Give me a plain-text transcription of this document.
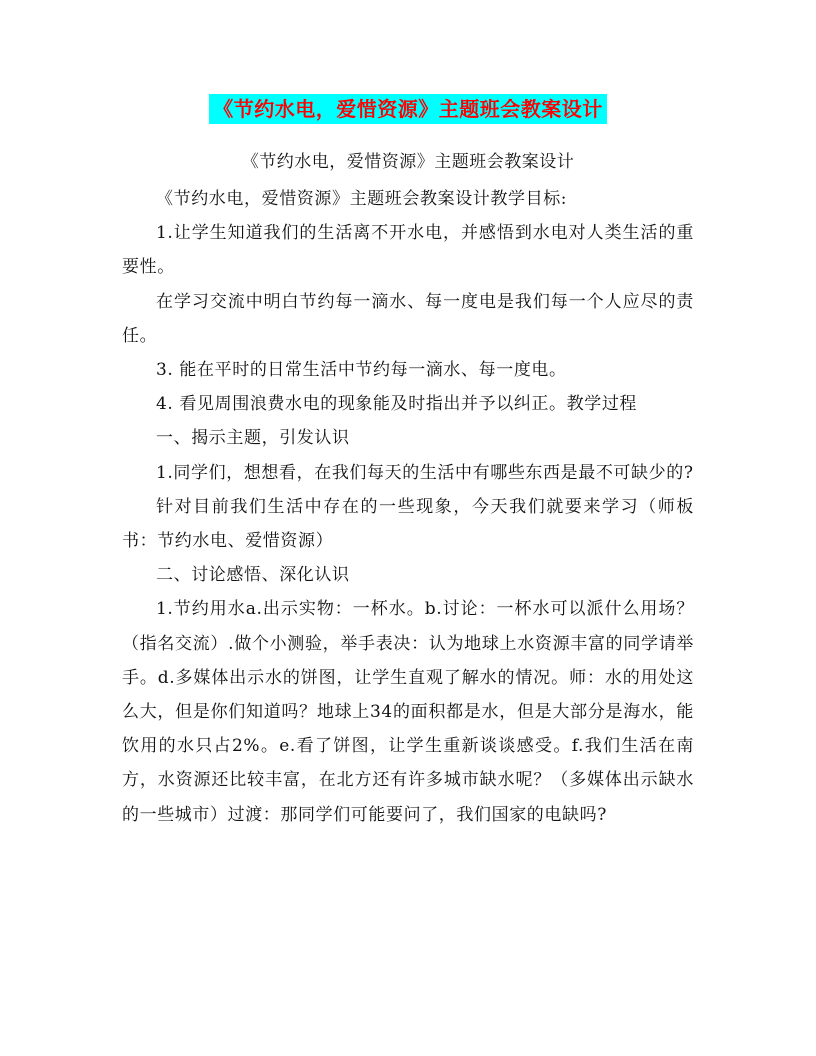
《节约水电，爱惜资源》主题班会教案设计
《节约水电，爱惜资源》主题班会教案设计

《节约水电，爱惜资源》主题班会教案设计教学目标:

1.让学生知道我们的生活离不开水电，并感悟到水电对人类生活的重要性。

在学习交流中明白节约每一滴水、每一度电是我们每一个人应尽的责任。

3. 能在平时的日常生活中节约每一滴水、每一度电。

4. 看见周围浪费水电的现象能及时指出并予以纠正。教学过程

一、揭示主题，引发认识

1.同学们，想想看，在我们每天的生活中有哪些东西是最不可缺少的?

针对目前我们生活中存在的一些现象，今天我们就要来学习（师板书：节约水电、爱惜资源）

二、讨论感悟、深化认识

1.节约用水a.出示实物：一杯水。b.讨论：一杯水可以派什么用场？（指名交流）.做个小测验，举手表决：认为地球上水资源丰富的同学请举手。d.多媒体出示水的饼图，让学生直观了解水的情况。师：水的用处这么大，但是你们知道吗？地球上34的面积都是水，但是大部分是海水，能饮用的水只占2%。e.看了饼图，让学生重新谈谈感受。f.我们生活在南方，水资源还比较丰富，在北方还有许多城市缺水呢？（多媒体出示缺水的一些城市）过渡：那同学们可能要问了，我们国家的电缺吗?
